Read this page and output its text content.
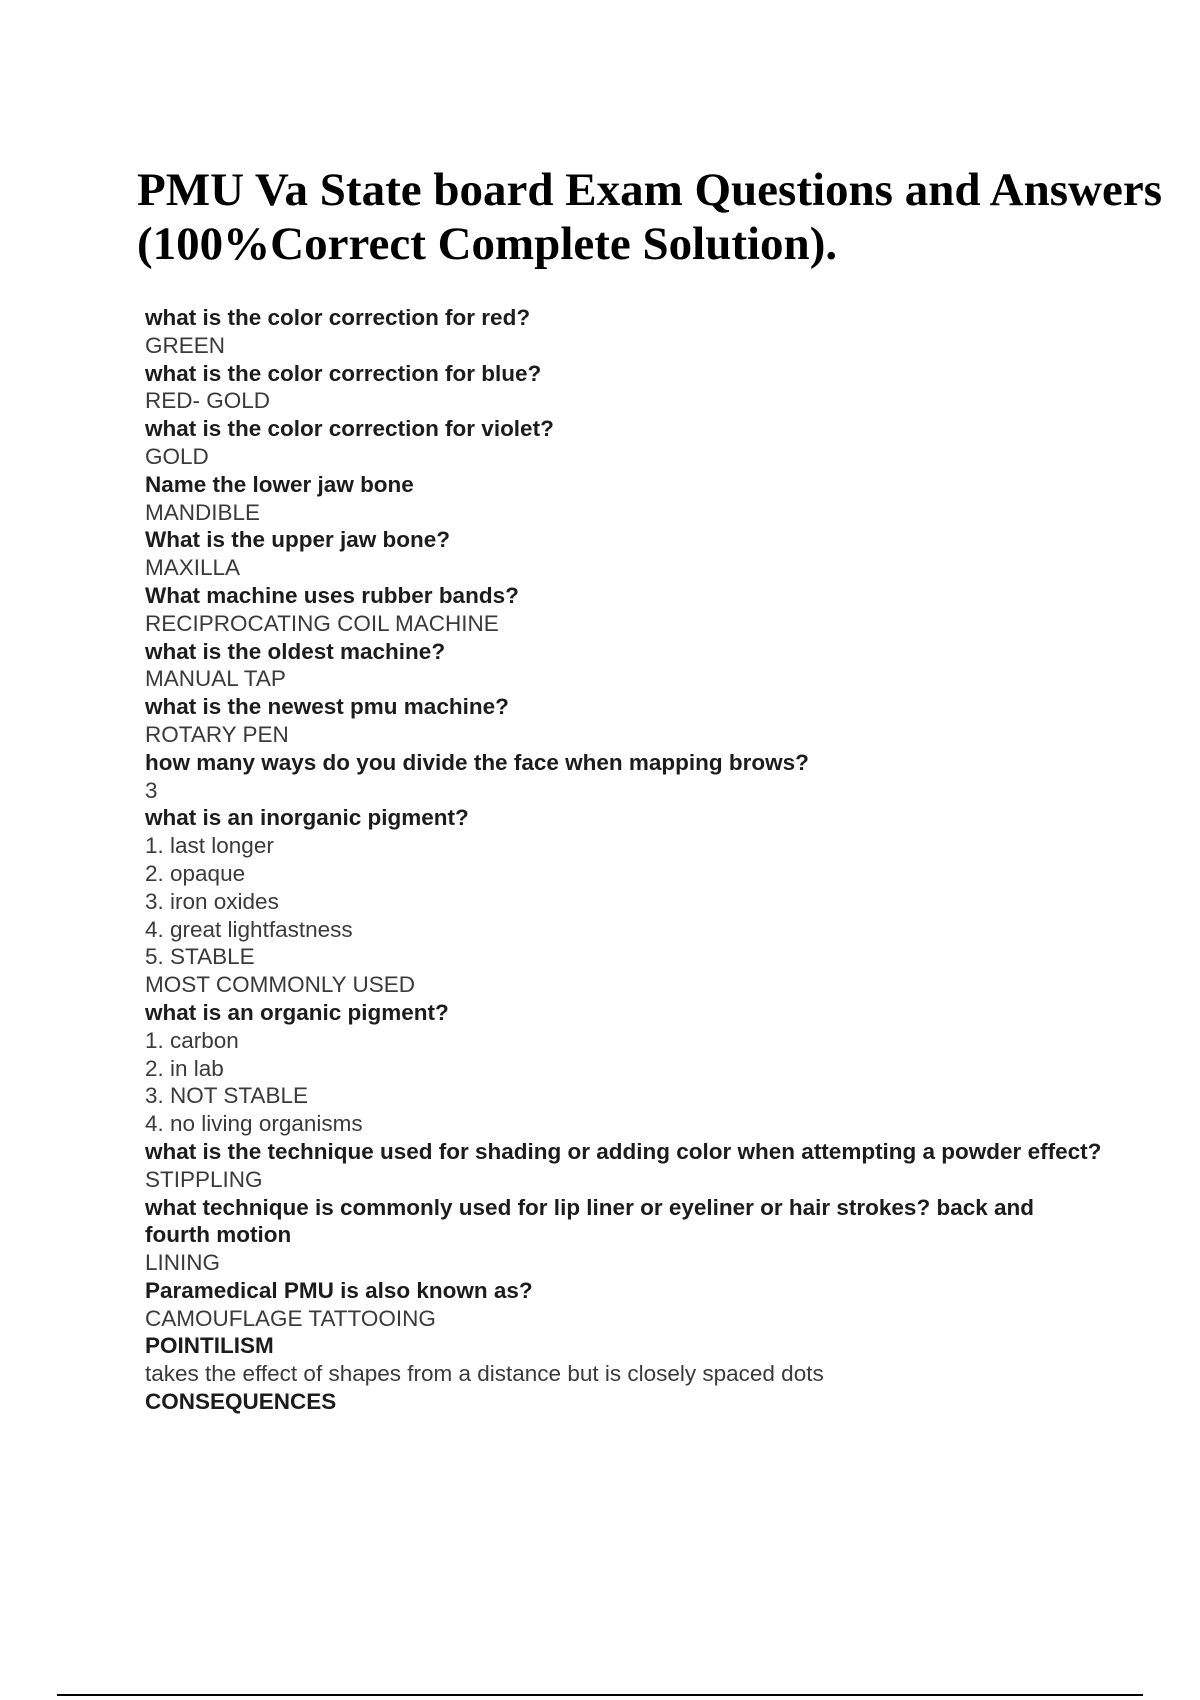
PMU Va State board Exam Questions and Answers (100%Correct Complete Solution).
what is the color correction for red?
GREEN
what is the color correction for blue?
RED- GOLD
what is the color correction for violet?
GOLD
Name the lower jaw bone
MANDIBLE
What is the upper jaw bone?
MAXILLA
What machine uses rubber bands?
RECIPROCATING COIL MACHINE
what is the oldest machine?
MANUAL TAP
what is the newest pmu machine?
ROTARY PEN
how many ways do you divide the face when mapping brows?
3
what is an inorganic pigment?
1. last longer
2. opaque
3. iron oxides
4. great lightfastness
5. STABLE
MOST COMMONLY USED
what is an organic pigment?
1. carbon
2. in lab
3. NOT STABLE
4. no living organisms
what is the technique used for shading or adding color when attempting a powder effect?
STIPPLING
what technique is commonly used for lip liner or eyeliner or hair strokes? back and fourth motion
LINING
Paramedical PMU is also known as?
CAMOUFLAGE TATTOOING
POINTILISM
takes the effect of shapes from a distance but is closely spaced dots
CONSEQUENCES
